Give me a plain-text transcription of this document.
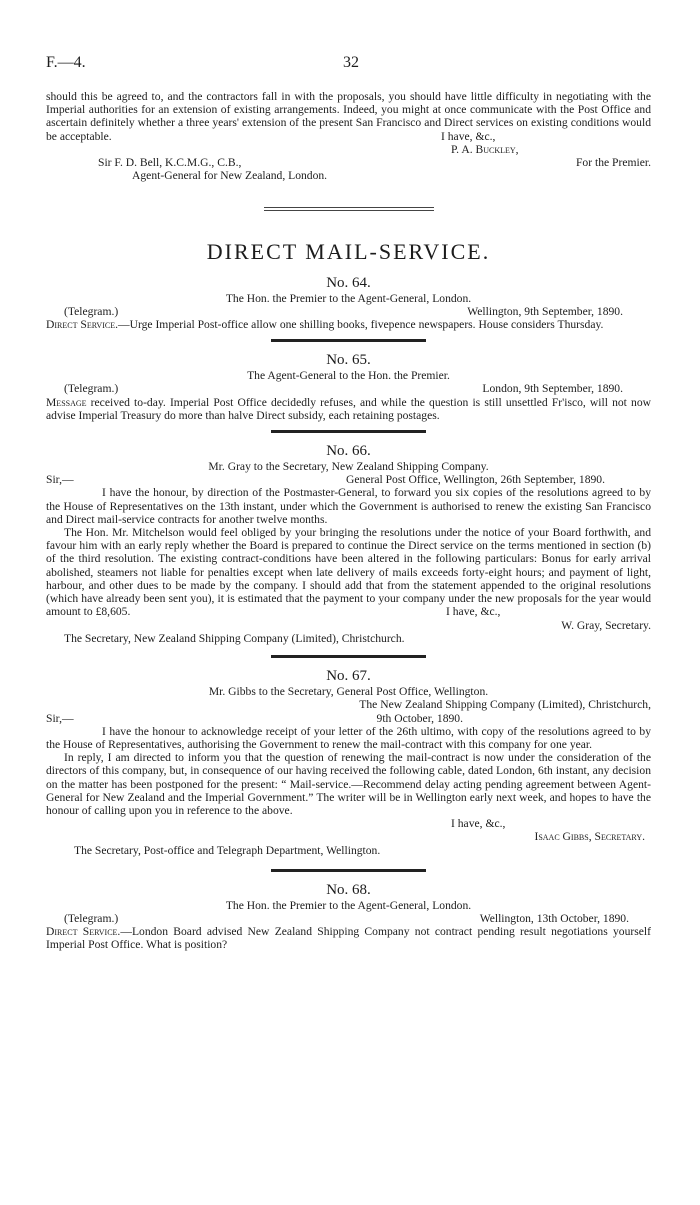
F.—4.	32

should this be agreed to, and the contractors fall in with the proposals, you should have little difficulty in negotiating with the Imperial authorities for an extension of existing arrangements. Indeed, you might at once communicate with the Post Office and ascertain definitely whether a three years' extension of the present San Francisco and Direct services on existing conditions would be acceptable.	I have, &c.,

P. A. Buckley,

Sir F. D. Bell, K.C.M.G., C.B.,	For the Premier.

Agent-General for New Zealand, London.

DIRECT MAIL-SERVICE.

No. 64.

The Hon. the Premier to the Agent-General, London.

(Telegram.)	Wellington, 9th September, 1890.

Direct Service.—Urge Imperial Post-office allow one shilling books, fivepence newspapers. House considers Thursday.

No. 65.

The Agent-General to the Hon. the Premier.

(Telegram.)	London, 9th September, 1890.

Message received to-day. Imperial Post Office decidedly refuses, and while the question is still unsettled Fr'isco, will not now advise Imperial Treasury do more than halve Direct subsidy, each retaining postages.

No. 66.

Mr. Gray to the Secretary, New Zealand Shipping Company.

Sir,—	General Post Office, Wellington, 26th September, 1890.

I have the honour, by direction of the Postmaster-General, to forward you six copies of the resolutions agreed to by the House of Representatives on the 13th instant, under which the Government is authorised to renew the existing San Francisco and Direct mail-service contracts for another twelve months.

The Hon. Mr. Mitchelson would feel obliged by your bringing the resolutions under the notice of your Board forthwith, and favour him with an early reply whether the Board is prepared to continue the Direct service on the terms mentioned in section (b) of the third resolution. The existing contract-conditions have been altered in the following particulars: Bonus for early arrival abolished, steamers not liable for penalties except when late delivery of mails exceeds forty-eight hours; and payment of light, harbour, and other dues to be made by the company. I should add that from the statement appended to the original resolutions (which have already been sent you), it is estimated that the payment to your company under the new proposals for the year would amount to £8,605.	I have, &c.,

W. Gray, Secretary.

The Secretary, New Zealand Shipping Company (Limited), Christchurch.

No. 67.

Mr. Gibbs to the Secretary, General Post Office, Wellington.

The New Zealand Shipping Company (Limited), Christchurch,

Sir,—	9th October, 1890.

I have the honour to acknowledge receipt of your letter of the 26th ultimo, with copy of the resolutions agreed to by the House of Representatives, authorising the Government to renew the mail-contract with this company for one year.

In reply, I am directed to inform you that the question of renewing the mail-contract is now under the consideration of the directors of this company, but, in consequence of our having received the following cable, dated London, 6th instant, any decision on the matter has been postponed for the present: “ Mail-service.—Recommend delay acting pending agreement between Agent-General for New Zealand and the Imperial Government.” The writer will be in Wellington early next week, and hopes to have the honour of calling upon you in reference to the above.

I have, &c.,

Isaac Gibbs, Secretary.

The Secretary, Post-office and Telegraph Department, Wellington.

No. 68.

The Hon. the Premier to the Agent-General, London.

(Telegram.)	Wellington, 13th October, 1890.

Direct Service.—London Board advised New Zealand Shipping Company not contract pending result negotiations yourself Imperial Post Office. What is position?
